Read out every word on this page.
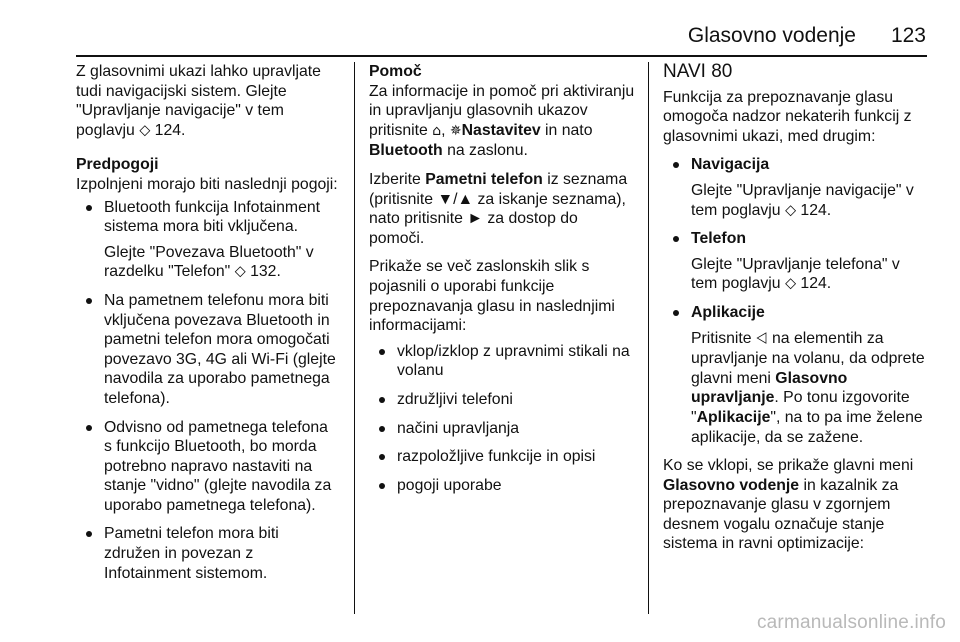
Glasovno vodenje 123

Z glasovnimi ukazi lahko upravljate
tudi navigacijski sistem. Glejte
"Upravljanje navigacije" v tem
poglavju ⬦ 124.

Predpogoji

Izpolnjeni morajo biti naslednji pogoji:

Bluetooth funkcija Infotainment
sistema mora biti vključena.
Glejte "Povezava Bluetooth" v
razdelku "Telefon" ⬦ 132.
Na pametnem telefonu mora biti
vključena povezava Bluetooth in
pametni telefon mora omogočati
povezavo 3G, 4G ali Wi-Fi (glejte
navodila za uporabo pametnega
telefona).
Odvisno od pametnega telefona
s funkcijo Bluetooth, bo morda
potrebno napravo nastaviti na
stanje "vidno" (glejte navodila za
uporabo pametnega telefona).
Pametni telefon mora biti
združen in povezan z
Infotainment sistemom.
Pomoč

Za informacije in pomoč pri aktiviranju
in upravljanju glasovnih ukazov
pritisnite ⌂, ✵Nastavitev in nato
Bluetooth na zaslonu.

Izberite Pametni telefon iz seznama
(pritisnite ▼/▲ za iskanje seznama),
nato pritisnite ► za dostop do
pomoči.

Prikaže se več zaslonskih slik s
pojasnili o uporabi funkcije
prepoznavanja glasu in naslednjimi
informacijami:

vklop/izklop z upravnimi stikali na
volanu
združljivi telefoni
načini upravljanja
razpoložljive funkcije in opisi
pogoji uporabe
NAVI 80

Funkcija za prepoznavanje glasu
omogoča nadzor nekaterih funkcij z
glasovnimi ukazi, med drugim:

Navigacija
Glejte "Upravljanje navigacije" v
tem poglavju ⬦ 124.
Telefon
Glejte "Upravljanje telefona" v
tem poglavju ⬦ 124.
Aplikacije
Pritisnite ⨞ na elementih za
upravljanje na volanu, da odprete
glavni meni Glasovno
upravljanje. Po tonu izgovorite
"Aplikacije", na to pa ime želene
aplikacije, da se zažene.

Ko se vklopi, se prikaže glavni meni
Glasovno vodenje in kazalnik za
prepoznavanje glasu v zgornjem
desnem vogalu označuje stanje
sistema in ravni optimizacije:

carmanualsonline.info
